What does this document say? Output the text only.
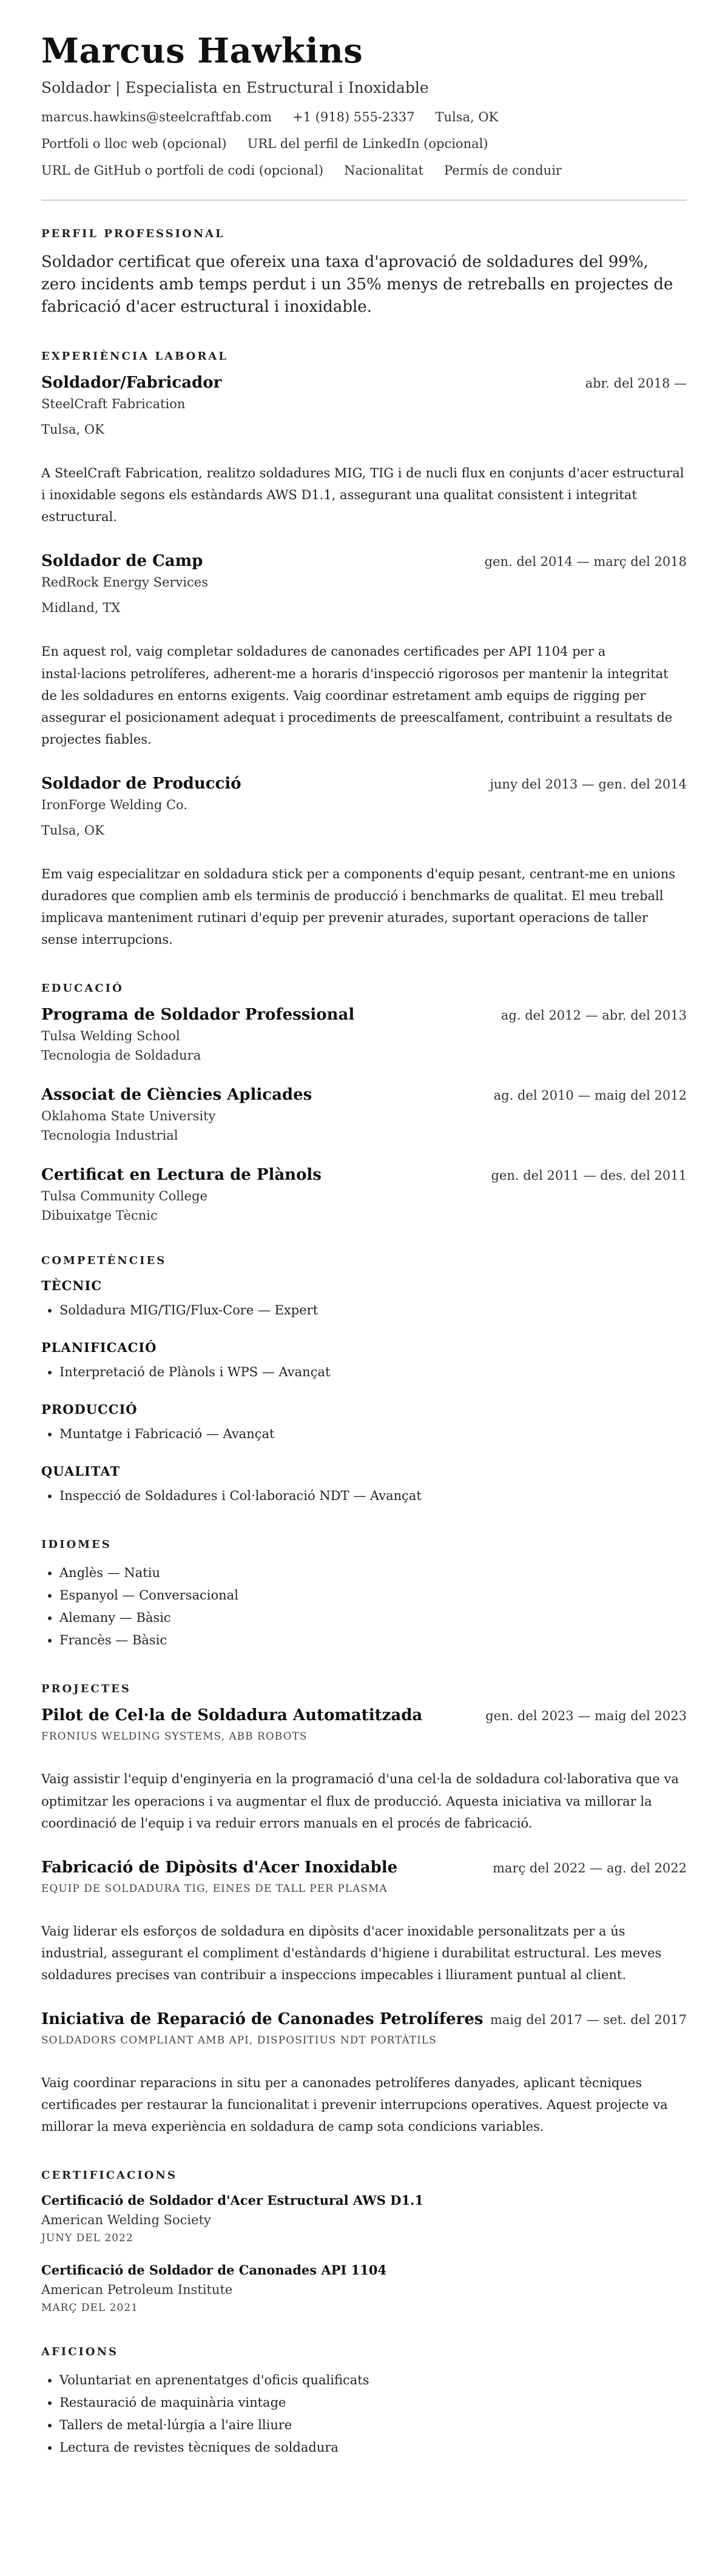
Marcus Hawkins
Soldador | Especialista en Estructural i Inoxidable
marcus.hawkins@steelcraftfab.com +1 (918) 555-2337 Tulsa, OK
Portfoli o lloc web (opcional) URL del perfil de LinkedIn (opcional)
URL de GitHub o portfoli de codi (opcional) Nacionalitat Permís de conduir
PERFIL PROFESSIONAL
Soldador certificat que ofereix una taxa d'aprovació de soldadures del 99%, zero incidents amb temps perdut i un 35% menys de retreballs en projectes de fabricació d'acer estructural i inoxidable.
EXPERIÈNCIA LABORAL
Soldador/Fabricador	abr. del 2018 —
SteelCraft Fabrication
Tulsa, OK
A SteelCraft Fabrication, realitzo soldadures MIG, TIG i de nucli flux en conjunts d'acer estructural i inoxidable segons els estàndards AWS D1.1, assegurant una qualitat consistent i integritat estructural.
Soldador de Camp	gen. del 2014 — març del 2018
RedRock Energy Services
Midland, TX
En aquest rol, vaig completar soldadures de canonades certificades per API 1104 per a instal·lacions petrolíferes, adherent-me a horaris d'inspecció rigorosos per mantenir la integritat de les soldadures en entorns exigents. Vaig coordinar estretament amb equips de rigging per assegurar el posicionament adequat i procediments de preescalfament, contribuint a resultats de projectes fiables.
Soldador de Producció	juny del 2013 — gen. del 2014
IronForge Welding Co.
Tulsa, OK
Em vaig especialitzar en soldadura stick per a components d'equip pesant, centrant-me en unions duradores que complien amb els terminis de producció i benchmarks de qualitat. El meu treball implicava manteniment rutinari d'equip per prevenir aturades, suportant operacions de taller sense interrupcions.
EDUCACIÓ
Programa de Soldador Professional	ag. del 2012 — abr. del 2013
Tulsa Welding School
Tecnologia de Soldadura
Associat de Ciències Aplicades	ag. del 2010 — maig del 2012
Oklahoma State University
Tecnologia Industrial
Certificat en Lectura de Plànols	gen. del 2011 — des. del 2011
Tulsa Community College
Dibuixatge Tècnic
COMPETÈNCIES
TÈCNIC
• Soldadura MIG/TIG/Flux-Core — Expert
PLANIFICACIÓ
• Interpretació de Plànols i WPS — Avançat
PRODUCCIÓ
• Muntatge i Fabricació — Avançat
QUALITAT
• Inspecció de Soldadures i Col·laboració NDT — Avançat
IDIOMES
• Anglès — Natiu
• Espanyol — Conversacional
• Alemany — Bàsic
• Francès — Bàsic
PROJECTES
Pilot de Cel·la de Soldadura Automatitzada	gen. del 2023 — maig del 2023
FRONIUS WELDING SYSTEMS, ABB ROBOTS
Vaig assistir l'equip d'enginyeria en la programació d'una cel·la de soldadura col·laborativa que va optimitzar les operacions i va augmentar el flux de producció. Aquesta iniciativa va millorar la coordinació de l'equip i va reduir errors manuals en el procés de fabricació.
Fabricació de Dipòsits d'Acer Inoxidable	març del 2022 — ag. del 2022
EQUIP DE SOLDADURA TIG, EINES DE TALL PER PLASMA
Vaig liderar els esforços de soldadura en dipòsits d'acer inoxidable personalitzats per a ús industrial, assegurant el compliment d'estàndards d'higiene i durabilitat estructural. Les meves soldadures precises van contribuir a inspeccions impecables i lliurament puntual al client.
Iniciativa de Reparació de Canonades Petrolíferes maig del 2017 — set. del 2017
SOLDADORS COMPLIANT AMB API, DISPOSITIUS NDT PORTÀTILS
Vaig coordinar reparacions in situ per a canonades petrolíferes danyades, aplicant tècniques certificades per restaurar la funcionalitat i prevenir interrupcions operatives. Aquest projecte va millorar la meva experiència en soldadura de camp sota condicions variables.
CERTIFICACIONS
Certificació de Soldador d'Acer Estructural AWS D1.1
American Welding Society
JUNY DEL 2022
Certificació de Soldador de Canonades API 1104
American Petroleum Institute
MARÇ DEL 2021
AFICIONS
• Voluntariat en aprenentatges d'oficis qualificats
• Restauració de maquinària vintage
• Tallers de metal·lúrgia a l'aire lliure
• Lectura de revistes tècniques de soldadura
